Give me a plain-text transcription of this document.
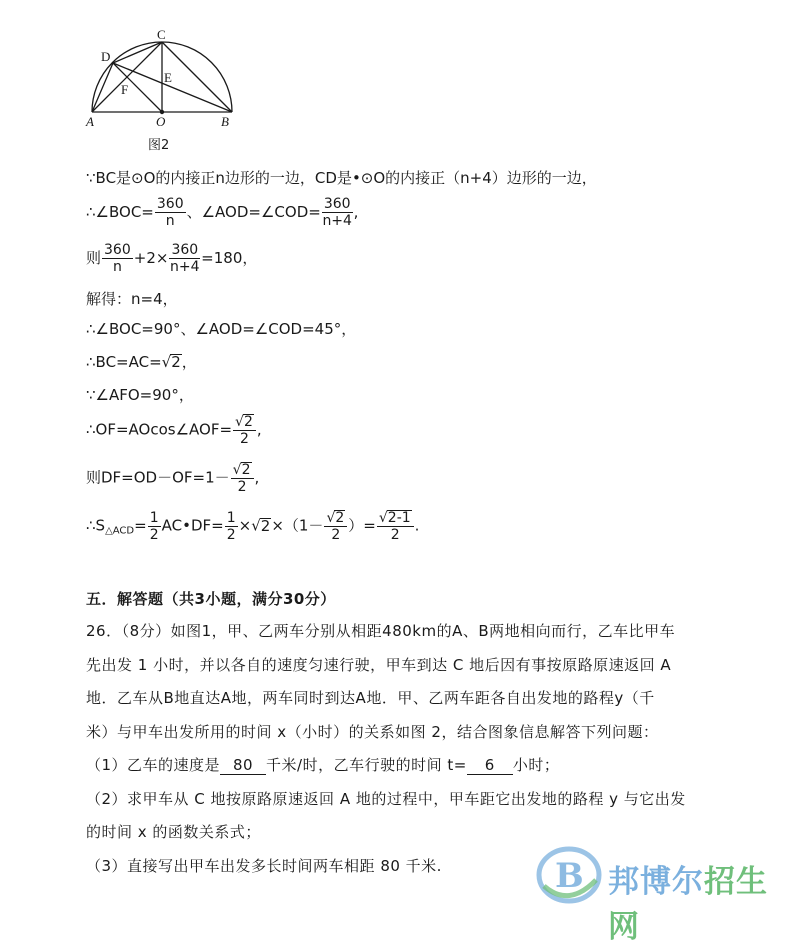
C
D
E
F
A	O	B
图2
∵BC是⊙O的内接正n边形的一边，CD是•⊙O的内接正（n+4）边形的一边，
∴∠BOC= $\frac{360}{n}$ 、∠AOD=∠COD= $\frac{360}{n+4}$ ,
则 $\frac{360}{n} +2\times \frac{360}{n+4} =180$，
解得：n=4，
∴∠BOC=90°、∠AOD=∠COD=45°，
∴BC=AC=√2，
∵∠AFO=90°，
∴OF=AOcos∠AOF= $\frac{√2}{2}$ ,
则$DF=OD-OF=1- \frac{√2}{2}$ ,
$\therefore S_{\triangle ACD}= \frac{1}{2}$ AC•DF= $\frac{1}{2} \times√2\times(1- \frac{√2}{2}$ ）= $\frac{√2-1}{2}$ .
五．解答题（共3小题，满分30分）
26．（8分）如图1，甲、乙两车分别从相距480km的A、B两地相向而行，乙车比甲车
先出发 1 小时，并以各自的速度匀速行驶，甲车到达 C 地后因有事按原路原速返回 A
地．乙车从B地直达A地，两车同时到达A地．甲、乙两车距各自出发地的路程y（千
米）与甲车出发所用的时间 x（小时）的关系如图 2，结合图象信息解答下列问题：
（1）乙车的速度是 80 千米/时，乙车行驶的时间 t= 6 小时；
（2）求甲车从 C 地按原路原速返回 A 地的过程中，甲车距它出发地的路程 y 与它出发
的时间 x 的函数关系式；
（3）直接写出甲车出发多长时间两车相距 80 千米.	B 邦博尔招生网
